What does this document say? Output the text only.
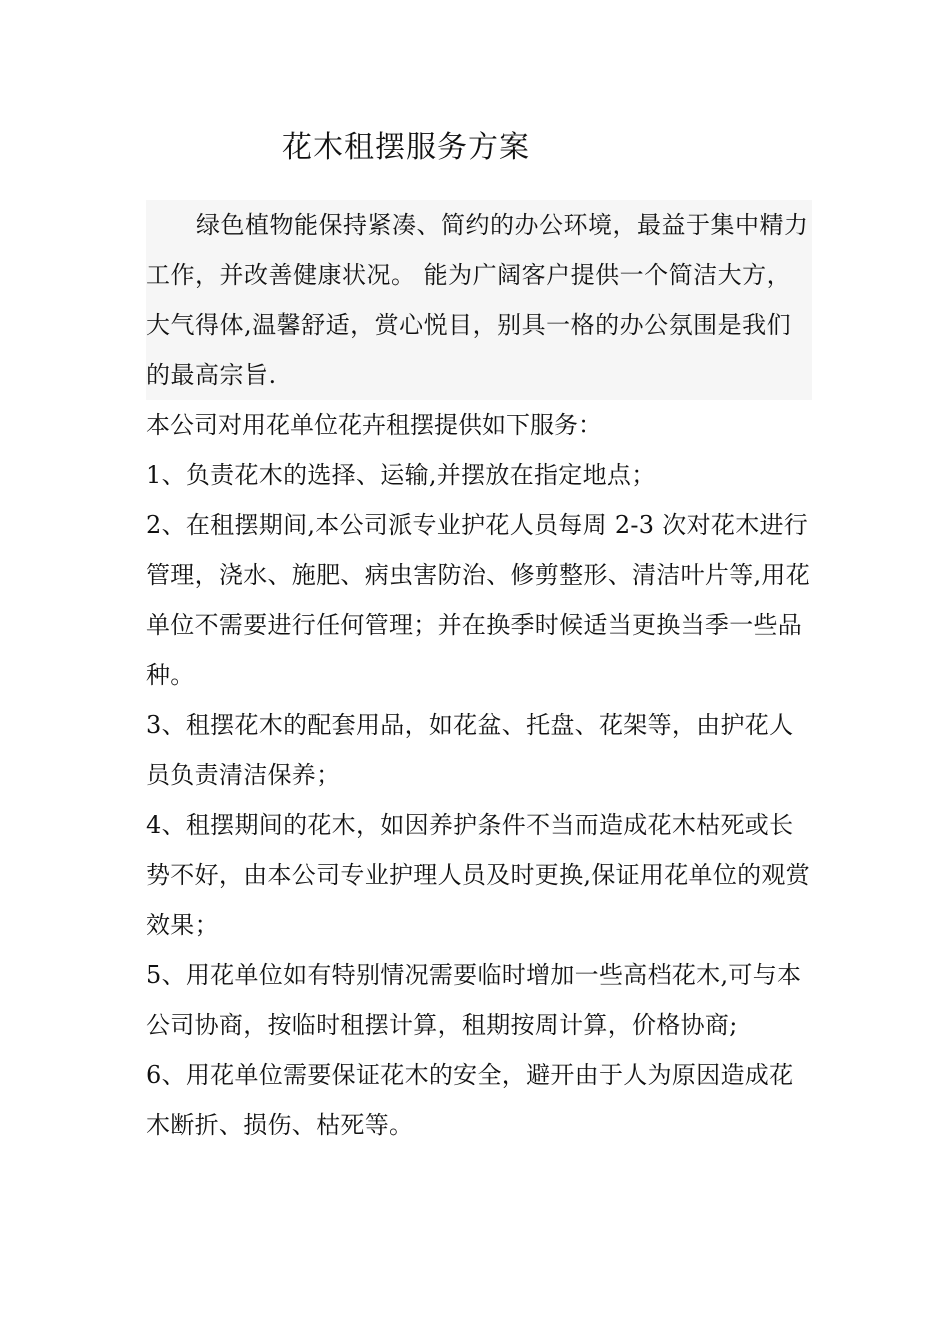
花木租摆服务方案

绿色植物能保持紧凑、简约的办公环境，最益于集中精力工作，并改善健康状况。 能为广阔客户提供一个简洁大方，大气得体,温馨舒适，赏心悦目，别具一格的办公氛围是我们的最高宗旨.

本公司对用花单位花卉租摆提供如下服务：

1、负责花木的选择、运输,并摆放在指定地点；
2、在租摆期间,本公司派专业护花人员每周 2-3 次对花木进行管理，浇水、施肥、病虫害防治、修剪整形、清洁叶片等,用花单位不需要进行任何管理；并在换季时候适当更换当季一些品种。
3、租摆花木的配套用品，如花盆、托盘、花架等，由护花人员负责清洁保养；
4、租摆期间的花木，如因养护条件不当而造成花木枯死或长势不好，由本公司专业护理人员及时更换,保证用花单位的观赏效果；
5、用花单位如有特别情况需要临时增加一些高档花木,可与本公司协商，按临时租摆计算，租期按周计算，价格协商;
6、用花单位需要保证花木的安全，避开由于人为原因造成花木断折、损伤、枯死等。
